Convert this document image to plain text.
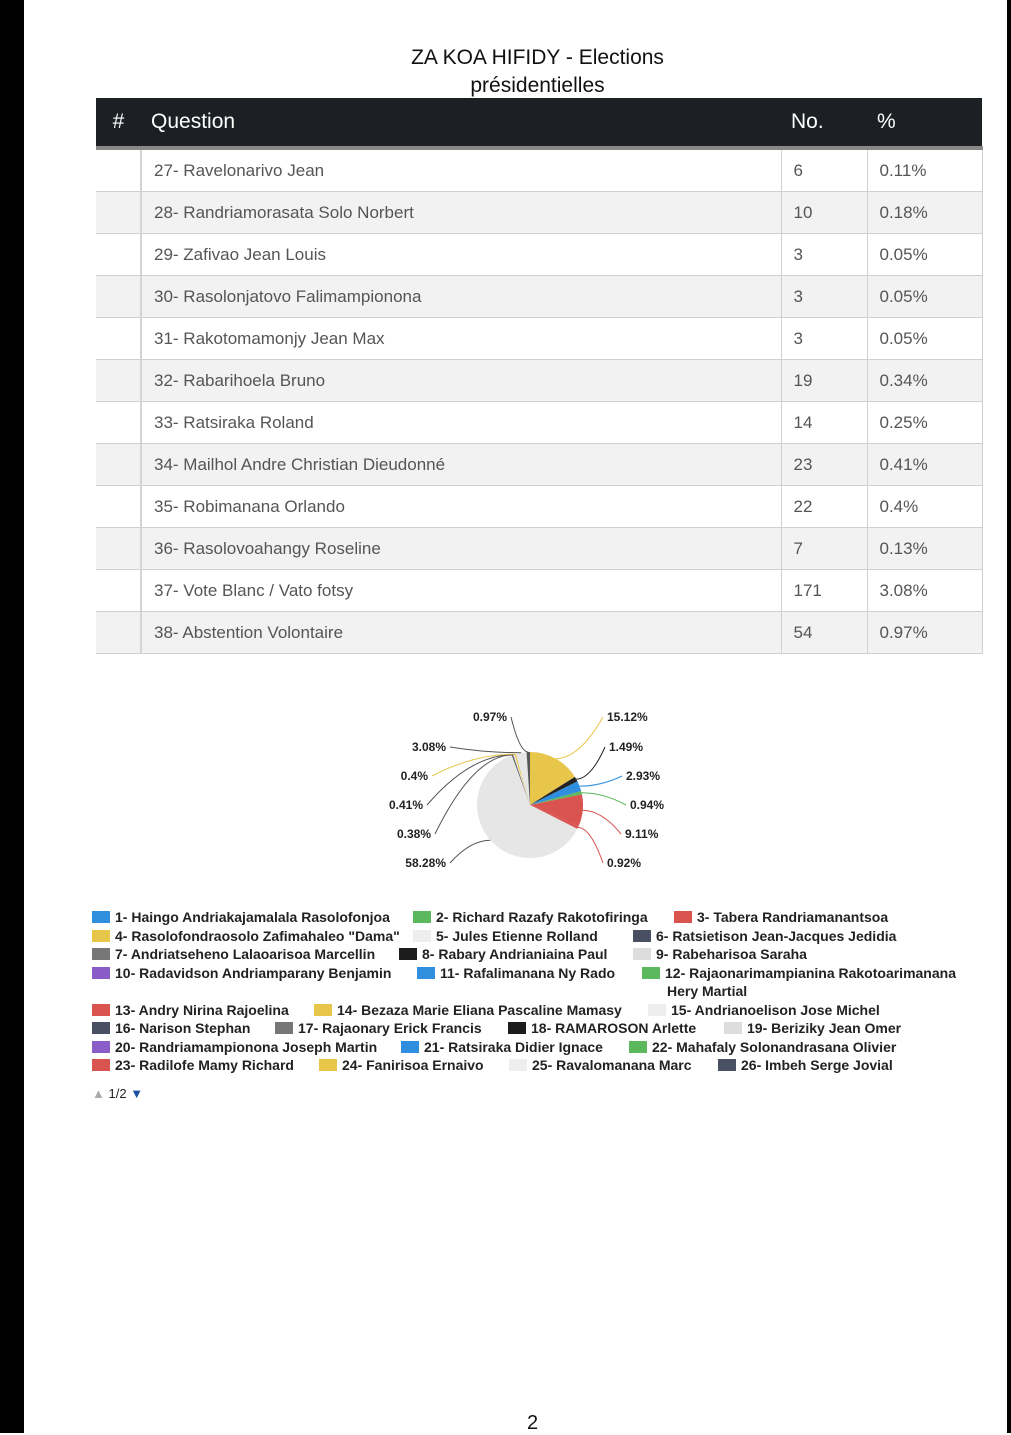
ZA KOA HIFIDY - Elections présidentielles
#	Question	No.	%
	27- Ravelonarivo Jean	6	0.11%
	28- Randriamorasata Solo Norbert	10	0.18%
	29- Zafivao Jean Louis	3	0.05%
	30- Rasolonjatovo Falimampionona	3	0.05%
	31- Rakotomamonjy Jean Max	3	0.05%
	32- Rabarihoela Bruno	19	0.34%
	33- Ratsiraka Roland	14	0.25%
	34- Mailhol Andre Christian Dieudonné	23	0.41%
	35- Robimanana Orlando	22	0.4%
	36- Rasolovoahangy Roseline	7	0.13%
	37- Vote Blanc / Vato fotsy	171	3.08%
	38- Abstention Volontaire	54	0.97%
15.12%
1.49%
2.93%
0.94%
9.11%
0.92%
58.28%
0.38%
0.41%
0.4%
3.08%
0.97%
1- Haingo Andriakajamalala Rasolofonjoa	2- Richard Razafy Rakotofiringa	3- Tabera Randriamanantsoa
4- Rasolofondraosolo Zafimahaleo "Dama"	5- Jules Etienne Rolland	6- Ratsietison Jean-Jacques Jedidia
7- Andriatseheno Lalaoarisoa Marcellin	8- Rabary Andrianiaina Paul	9- Rabeharisoa Saraha
10- Radavidson Andriamparany Benjamin	11- Rafalimanana Ny Rado	12- Rajaonarimampianina Rakotoarimanana
Hery Martial
13- Andry Nirina Rajoelina	14- Bezaza Marie Eliana Pascaline Mamasy	15- Andrianoelison Jose Michel
16- Narison Stephan	17- Rajaonary Erick Francis	18- RAMAROSON Arlette	19- Beriziky Jean Omer
20- Randriamampionona Joseph Martin	21- Ratsiraka Didier Ignace	22- Mahafaly Solonandrasana Olivier
23- Radilofe Mamy Richard	24- Fanirisoa Ernaivo	25- Ravalomanana Marc	26- Imbeh Serge Jovial
▲ 1/2 ▼
2
